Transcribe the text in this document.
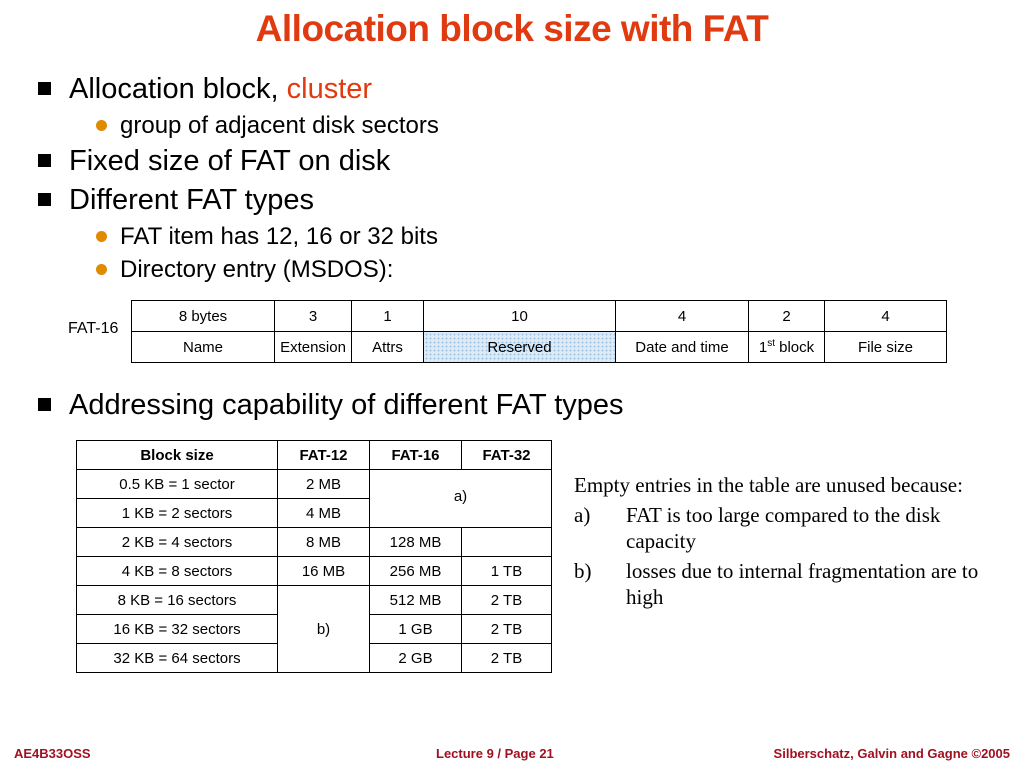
Allocation block size with FAT
Allocation block, cluster
group of adjacent disk sectors
Fixed size of FAT on disk
Different FAT types
FAT item has 12, 16 or 32 bits
Directory entry (MSDOS):
Addressing capability of different FAT types
FAT-16
8 bytes	3	1	10	4	2	4
Name	Extension	Attrs	Reserved	Date and time	1st block	File size
Block size	FAT-12	FAT-16	FAT-32
0.5 KB = 1 sector	2 MB	a)	
1 KB = 2 sectors	4 MB		
2 KB = 4 sectors	8 MB	128 MB	
4 KB = 8 sectors	16 MB	256 MB	1 TB
8 KB = 16 sectors	b)	512 MB	2 TB
16 KB = 32 sectors		1 GB	2 TB
32 KB = 64 sectors		2 GB	2 TB

Empty entries in the table are unused because:

a) FAT is too large compared to the disk capacity

b) losses due to internal fragmentation are to high

AE4B33OSS	Lecture 9 / Page 21	Silberschatz, Galvin and Gagne ©2005
